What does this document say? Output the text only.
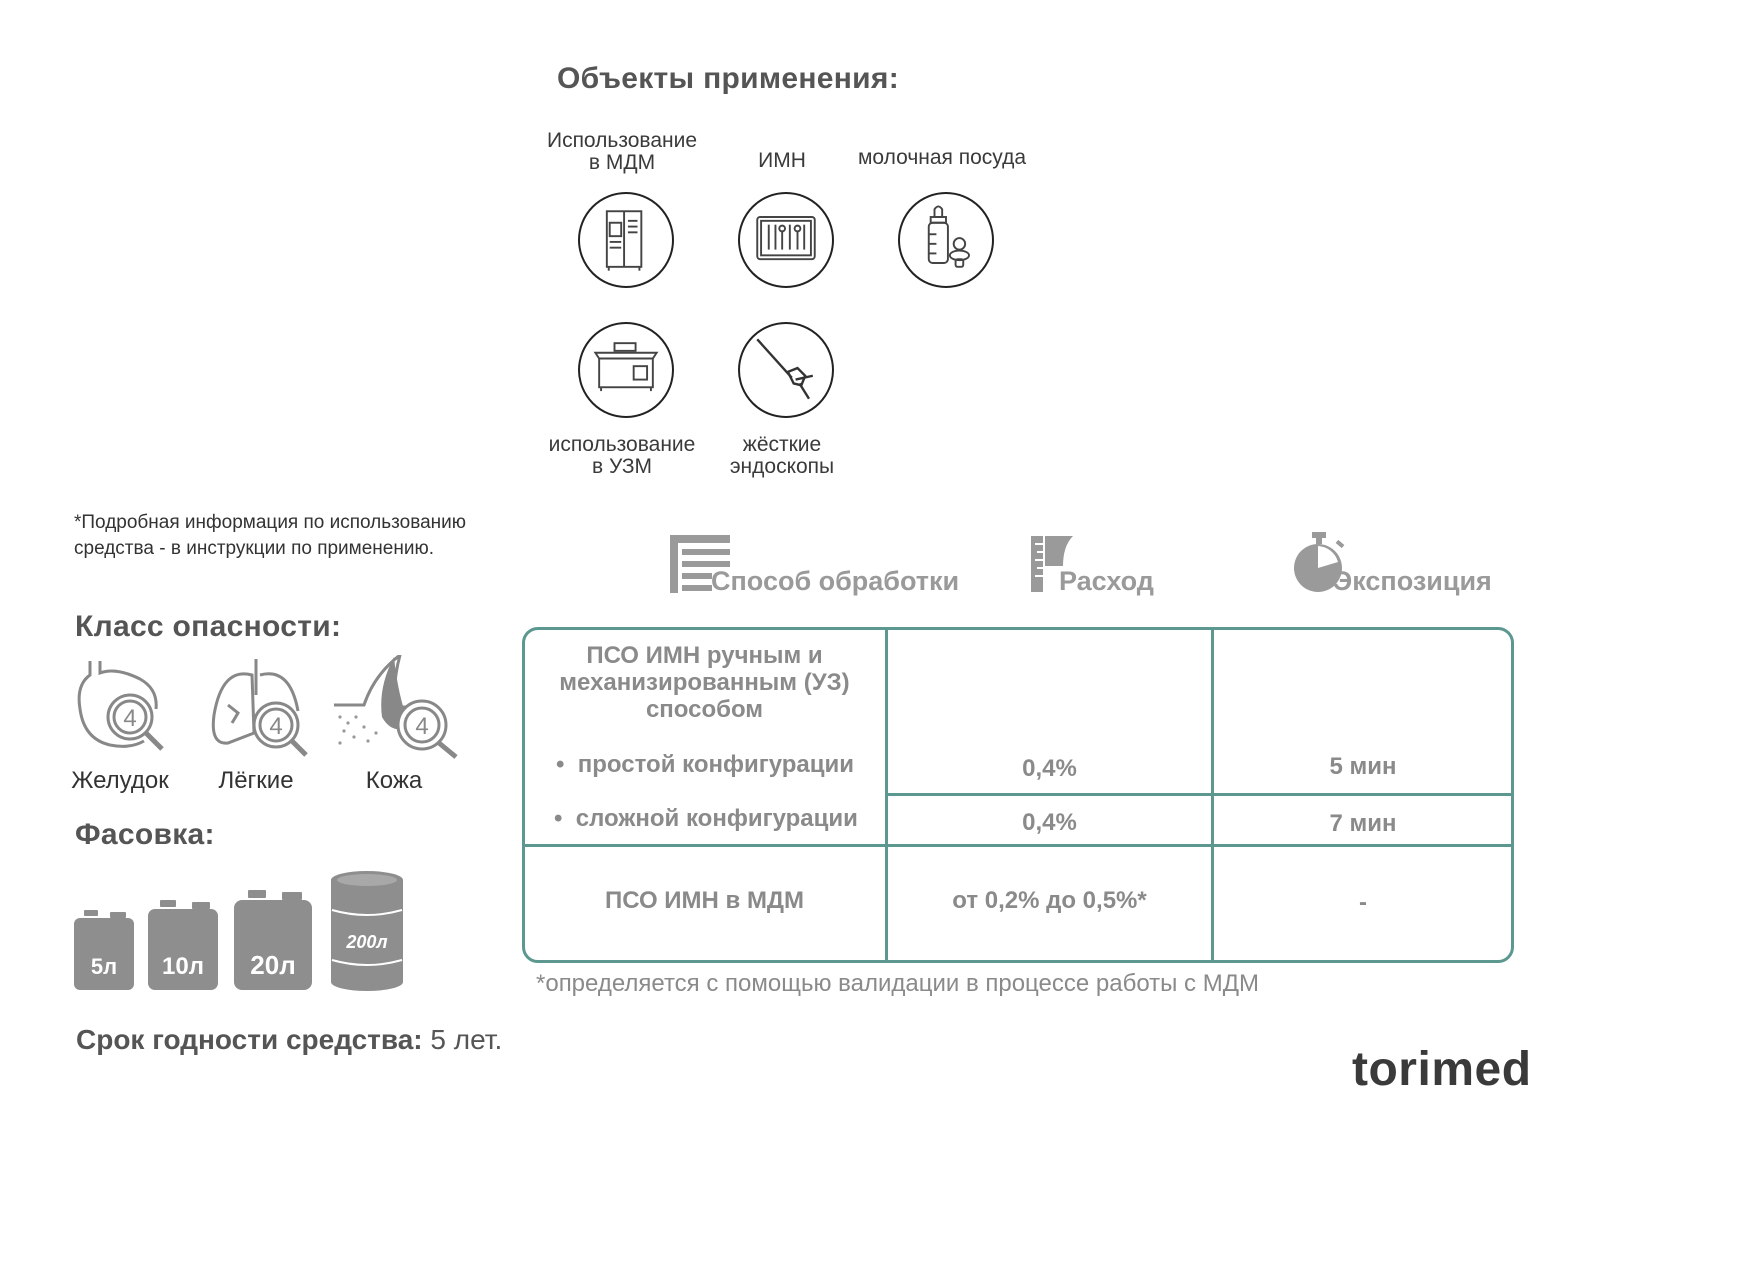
Объекты применения:
Использование
в МДМ	ИМН	молочная посуда
использование
в УЗМ
жёсткие
эндоскопы
*Подробная информация по использованию
средства - в инструкции по применению.
Класс опасности:
4	4	4
Желудок	Лёгкие	Кожа
Фасовка:
5л 10л 20л
200л
Срок годности средства: 5 лет.
Способ обработки	Расход	Экспозиция
ПСО ИМН ручным и
механизированным (УЗ)
способом
•  простой конфигурации	0,4%	5 мин
•  сложной конфигурации	0,4%	7 мин
ПСО ИМН в МДМ	от 0,2% до 0,5%*	-
*определяется с помощью валидации в процессе работы с МДМ
torimed
